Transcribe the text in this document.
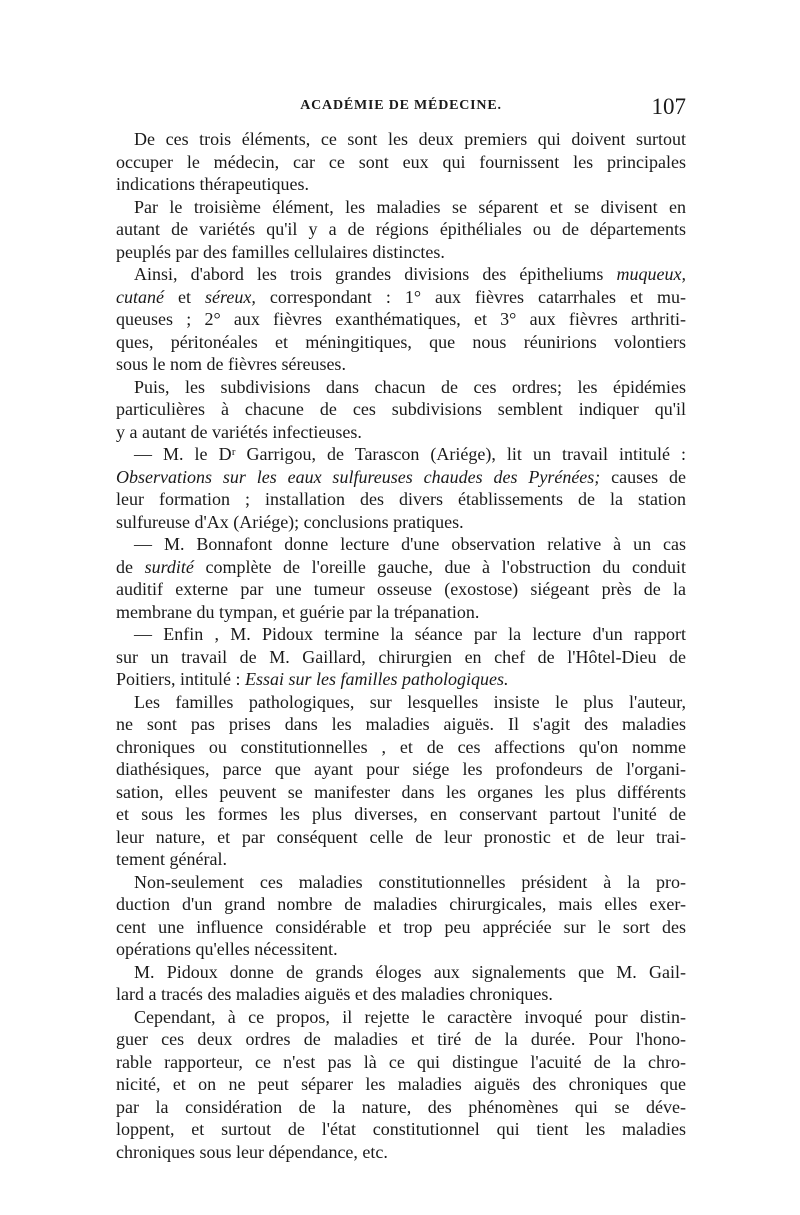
ACADÉMIE DE MÉDECINE.	107
De ces trois éléments, ce sont les deux premiers qui doivent surtout
occuper le médecin, car ce sont eux qui fournissent les principales
indications thérapeutiques.
Par le troisième élément, les maladies se séparent et se divisent en
autant de variétés qu'il y a de régions épithéliales ou de départements
peuplés par des familles cellulaires distinctes.
Ainsi, d'abord les trois grandes divisions des épitheliums muqueux,
cutané et séreux, correspondant : 1° aux fièvres catarrhales et mu-
queuses ; 2° aux fièvres exanthématiques, et 3° aux fièvres arthriti-
ques, péritonéales et méningitiques, que nous réunirions volontiers
sous le nom de fièvres séreuses.
Puis, les subdivisions dans chacun de ces ordres; les épidémies
particulières à chacune de ces subdivisions semblent indiquer qu'il
y a autant de variétés infectieuses.
— M. le Dʳ Garrigou, de Tarascon (Ariége), lit un travail intitulé :
Observations sur les eaux sulfureuses chaudes des Pyrénées; causes de
leur formation ; installation des divers établissements de la station
sulfureuse d'Ax (Ariége); conclusions pratiques.
— M. Bonnafont donne lecture d'une observation relative à un cas
de surdité complète de l'oreille gauche, due à l'obstruction du conduit
auditif externe par une tumeur osseuse (exostose) siégeant près de la
membrane du tympan, et guérie par la trépanation.
— Enfin , M. Pidoux termine la séance par la lecture d'un rapport
sur un travail de M. Gaillard, chirurgien en chef de l'Hôtel-Dieu de
Poitiers, intitulé : Essai sur les familles pathologiques.
Les familles pathologiques, sur lesquelles insiste le plus l'auteur,
ne sont pas prises dans les maladies aiguës. Il s'agit des maladies
chroniques ou constitutionnelles , et de ces affections qu'on nomme
diathésiques, parce que ayant pour siége les profondeurs de l'organi-
sation, elles peuvent se manifester dans les organes les plus différents
et sous les formes les plus diverses, en conservant partout l'unité de
leur nature, et par conséquent celle de leur pronostic et de leur trai-
tement général.
Non-seulement ces maladies constitutionnelles président à la pro-
duction d'un grand nombre de maladies chirurgicales, mais elles exer-
cent une influence considérable et trop peu appréciée sur le sort des
opérations qu'elles nécessitent.
M. Pidoux donne de grands éloges aux signalements que M. Gail-
lard a tracés des maladies aiguës et des maladies chroniques.
Cependant, à ce propos, il rejette le caractère invoqué pour distin-
guer ces deux ordres de maladies et tiré de la durée. Pour l'hono-
rable rapporteur, ce n'est pas là ce qui distingue l'acuité de la chro-
nicité, et on ne peut séparer les maladies aiguës des chroniques que
par la considération de la nature, des phénomènes qui se déve-
loppent, et surtout de l'état constitutionnel qui tient les maladies
chroniques sous leur dépendance, etc.
